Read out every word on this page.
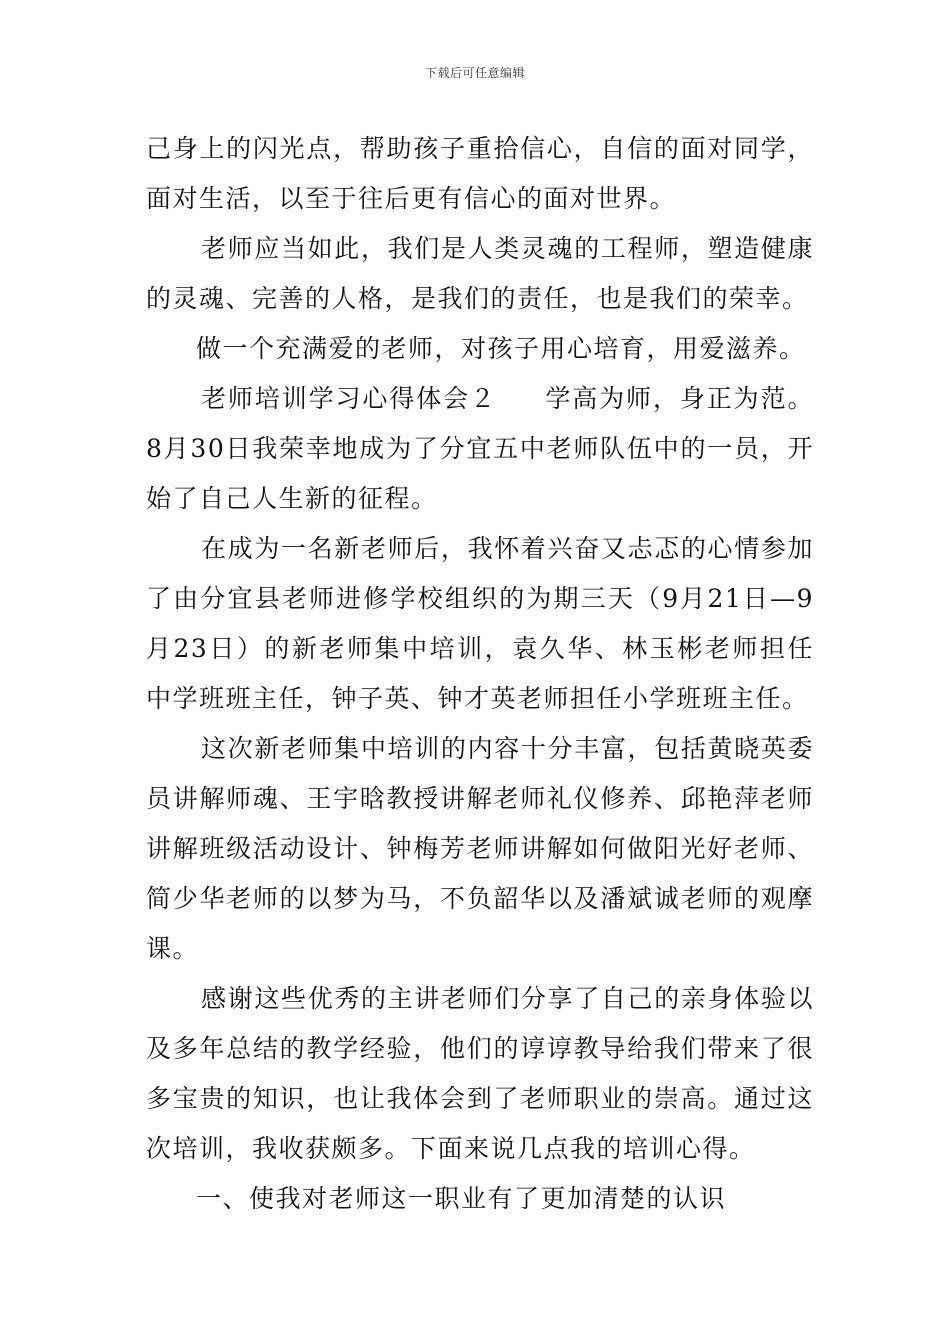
下载后可任意编辑

己身上的闪光点，帮助孩子重拾信心，自信的面对同学，面对生活，以至于往后更有信心的面对世界。

老师应当如此，我们是人类灵魂的工程师，塑造健康的灵魂、完善的人格，是我们的责任，也是我们的荣幸。

做一个充满爱的老师，对孩子用心培育，用爱滋养。

老师培训学习心得体会２ 学高为师，身正为范。8月30日我荣幸地成为了分宜五中老师队伍中的一员，开始了自己人生新的征程。

在成为一名新老师后，我怀着兴奋又忐忑的心情参加了由分宜县老师进修学校组织的为期三天（9月21日—9月23日）的新老师集中培训，袁久华、林玉彬老师担任中学班班主任，钟子英、钟才英老师担任小学班班主任。

这次新老师集中培训的内容十分丰富，包括黄晓英委员讲解师魂、王宇晗教授讲解老师礼仪修养、邱艳萍老师讲解班级活动设计、钟梅芳老师讲解如何做阳光好老师、简少华老师的以梦为马，不负韶华以及潘斌诚老师的观摩课。

感谢这些优秀的主讲老师们分享了自己的亲身体验以及多年总结的教学经验，他们的谆谆教导给我们带来了很多宝贵的知识，也让我体会到了老师职业的崇高。通过这次培训，我收获颇多。下面来说几点我的培训心得。

一、使我对老师这一职业有了更加清楚的认识
